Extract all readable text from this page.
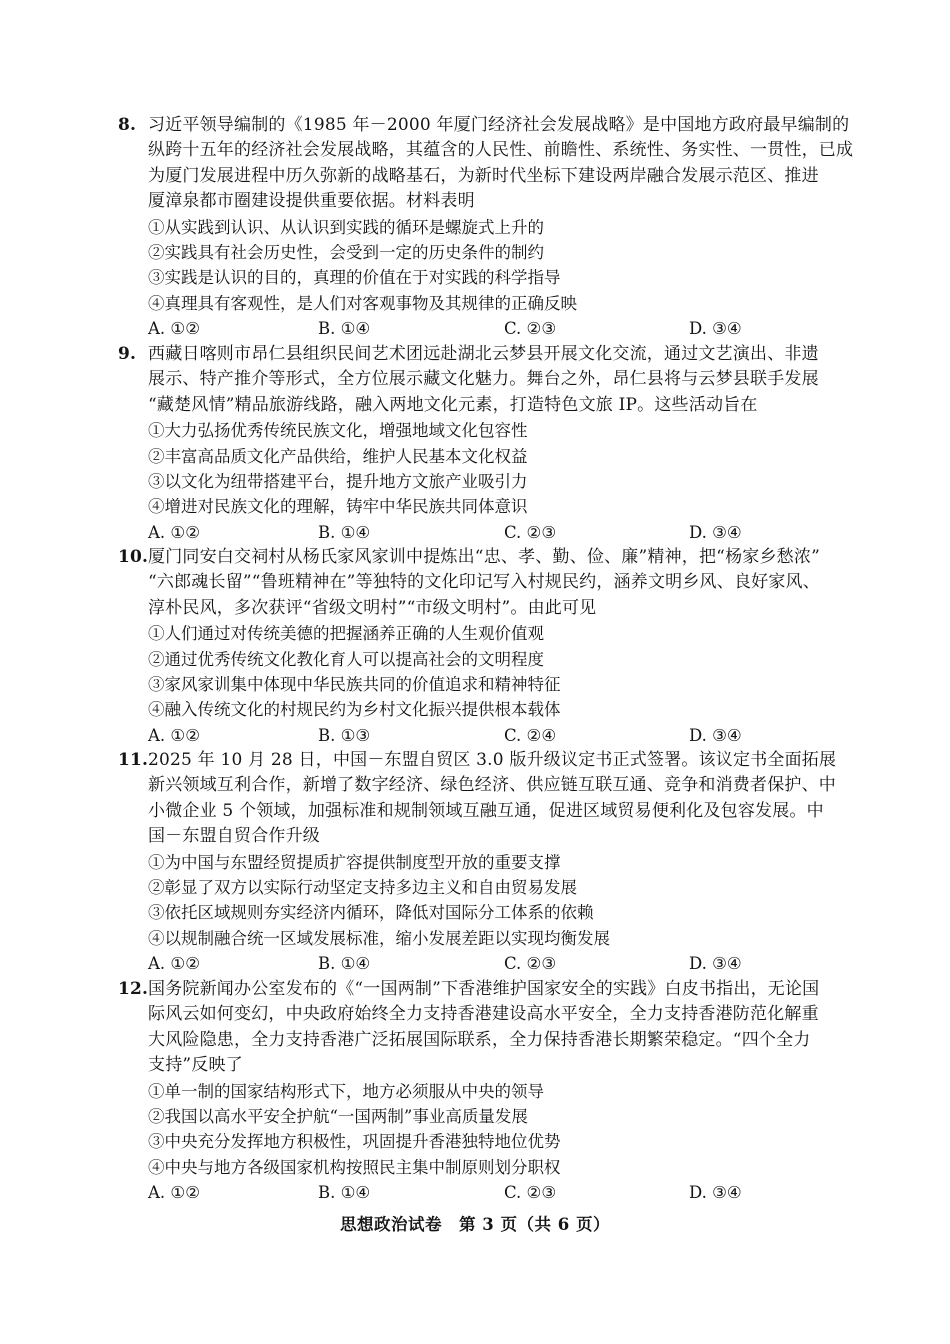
8. 习近平领导编制的《1985 年－2000 年厦门经济社会发展战略》是中国地方政府最早编制的
纵跨十五年的经济社会发展战略，其蕴含的人民性、前瞻性、系统性、务实性、一贯性，已成
为厦门发展进程中历久弥新的战略基石，为新时代坐标下建设两岸融合发展示范区、推进
厦漳泉都市圈建设提供重要依据。材料表明
①从实践到认识、从认识到实践的循环是螺旋式上升的
②实践具有社会历史性，会受到一定的历史条件的制约
③实践是认识的目的，真理的价值在于对实践的科学指导
④真理具有客观性，是人们对客观事物及其规律的正确反映
A. ①②	B. ①④	C. ②③	D. ③④
9. 西藏日喀则市昂仁县组织民间艺术团远赴湖北云梦县开展文化交流，通过文艺演出、非遗
展示、特产推介等形式，全方位展示藏文化魅力。舞台之外，昂仁县将与云梦县联手发展
“藏楚风情”精品旅游线路，融入两地文化元素，打造特色文旅 IP。这些活动旨在
①大力弘扬优秀传统民族文化，增强地域文化包容性
②丰富高品质文化产品供给，维护人民基本文化权益
③以文化为纽带搭建平台，提升地方文旅产业吸引力
④增进对民族文化的理解，铸牢中华民族共同体意识
A. ①②	B. ①④	C. ②③	D. ③④
10.厦门同安白交祠村从杨氏家风家训中提炼出“忠、孝、勤、俭、廉”精神，把“杨家乡愁浓”
“六郎魂长留”“鲁班精神在”等独特的文化印记写入村规民约，涵养文明乡风、良好家风、
淳朴民风，多次获评“省级文明村”“市级文明村”。由此可见
①人们通过对传统美德的把握涵养正确的人生观价值观
②通过优秀传统文化教化育人可以提高社会的文明程度
③家风家训集中体现中华民族共同的价值追求和精神特征
④融入传统文化的村规民约为乡村文化振兴提供根本载体
A. ①②	B. ①③	C. ②④	D. ③④
11.2025 年 10 月 28 日，中国－东盟自贸区 3.0 版升级议定书正式签署。该议定书全面拓展
新兴领域互利合作，新增了数字经济、绿色经济、供应链互联互通、竞争和消费者保护、中
小微企业 5 个领域，加强标准和规制领域互融互通，促进区域贸易便利化及包容发展。中
国－东盟自贸合作升级
①为中国与东盟经贸提质扩容提供制度型开放的重要支撑
②彰显了双方以实际行动坚定支持多边主义和自由贸易发展
③依托区域规则夯实经济内循环，降低对国际分工体系的依赖
④以规制融合统一区域发展标准，缩小发展差距以实现均衡发展
A. ①②	B. ①④	C. ②③	D. ③④
12.国务院新闻办公室发布的《“一国两制”下香港维护国家安全的实践》白皮书指出，无论国
际风云如何变幻，中央政府始终全力支持香港建设高水平安全，全力支持香港防范化解重
大风险隐患，全力支持香港广泛拓展国际联系，全力保持香港长期繁荣稳定。“四个全力
支持”反映了
①单一制的国家结构形式下，地方必须服从中央的领导
②我国以高水平安全护航“一国两制”事业高质量发展
③中央充分发挥地方积极性，巩固提升香港独特地位优势
④中央与地方各级国家机构按照民主集中制原则划分职权
A. ①②	B. ①④	C. ②③	D. ③④
思想政治试卷　第 3 页（共 6 页）
